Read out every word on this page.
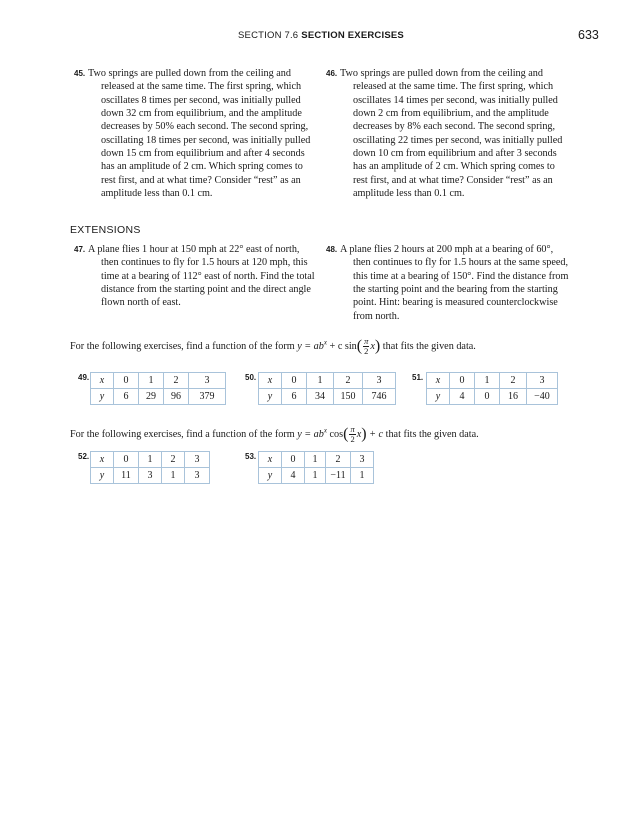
SECTION 7.6 SECTION EXERCISES	633
45. Two springs are pulled down from the ceiling and
released at the same time. The first spring, which
oscillates 8 times per second, was initially pulled
down 32 cm from equilibrium, and the amplitude
decreases by 50% each second. The second spring,
oscillating 18 times per second, was initially pulled
down 15 cm from equilibrium and after 4 seconds
has an amplitude of 2 cm. Which spring comes to
rest first, and at what time? Consider “rest” as an
amplitude less than 0.1 cm.
46. Two springs are pulled down from the ceiling and
released at the same time. The first spring, which
oscillates 14 times per second, was initially pulled
down 2 cm from equilibrium, and the amplitude
decreases by 8% each second. The second spring,
oscillating 22 times per second, was initially pulled
down 10 cm from equilibrium and after 3 seconds
has an amplitude of 2 cm. Which spring comes to
rest first, and at what time? Consider “rest” as an
amplitude less than 0.1 cm.
EXTENSIONS
47. A plane flies 1 hour at 150 mph at 22° east of north,
then continues to fly for 1.5 hours at 120 mph, this
time at a bearing of 112° east of north. Find the total
distance from the starting point and the direct angle
flown north of east.
48. A plane flies 2 hours at 200 mph at a bearing of 60°,
then continues to fly for 1.5 hours at the same speed,
this time at a bearing of 150°. Find the distance from
the starting point and the bearing from the starting
point. Hint: bearing is measured counterclockwise
from north.
For the following exercises, find a function of the form $y = ab^x + c$ $\sin( \frac{\pi}{2} x)$ that fits the given data.
49. x	0	1	2	3
y	6	29	96	379
50. x	0	1	2	3
y	6	34	150	746
51. x	0	1	2	3
y	4	0	16	−40
For the following exercises, find a function of the form $y = ab^x$ $\cos( \frac{\pi}{2} x) + c$ that fits the given data.
52. x	0	1	2	3
y	11	3	1	3
53. x	0	1	2	3
y	4	1	−11	1
